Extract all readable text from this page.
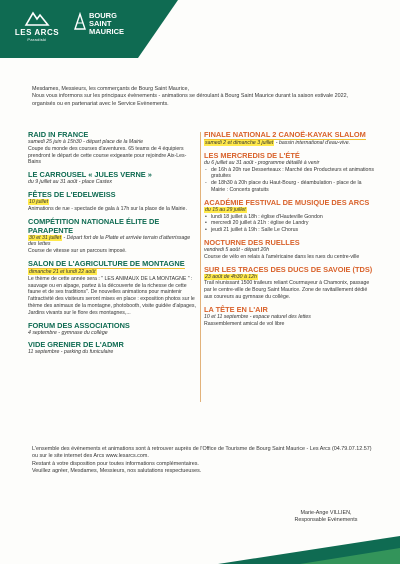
LES ARCS
Paradiski
BOURG
SAINT
MAURICE

Mesdames, Messieurs, les commerçants de Bourg Saint Maurice,

Nous vous informons sur les principaux évènements - animations se déroulant à Bourg Saint Maurice durant la saison estivale 2022, organisés ou en partenariat avec le Service Evènements.

RAID IN FRANCE
samedi 25 juin à 15h30 - départ place de la Mairie
Coupe du monde des courses d'aventures. 65 teams de 4 équipiers prendront le départ de cette course exigeante pour rejoindre Aix-Les-Bains
LE CARROUSEL « JULES VERNE »
du 9 juillet au 31 août - place Castex
FÊTES DE L'EDELWEISS
10 juillet
Animations de rue - spectacle de gala à 17h sur la place de la Mairie.
COMPÉTITION NATIONALE ÉLITE DE PARAPENTE
30 et 31 juillet - Départ fort de la Platte et arrivée terrain d'atterrissage des Iettes
Course de vitesse sur un parcours imposé.
SALON DE L'AGRICULTURE DE MONTAGNE
dimanche 21 et lundi 22 août
Le thème de cette année sera : " LES ANIMAUX DE LA MONTAGNE " : sauvage ou en alpage, partez à la découverte de la richesse de cette faune et de ses traditions". De nouvelles animations pour maintenir l'attractivité des visiteurs seront mises en place : exposition photos sur le thème des animaux de la montagne, photobooth, visite guidée d'alpages, Jardins vivants sur le flore des montagnes,...
FORUM DES ASSOCIATIONS
4 septembre - gymnase du collège
VIDE GRENIER DE L'ADMR
11 septembre - parking du funiculaire
FINALE NATIONAL 2 CANOË-KAYAK SLALOM
samedi 2 et dimanche 3 juillet - bassin international d'eau-vive.
LES MERCREDIS DE L'ÉTÉ
du 6 juillet au 31 août - programme détaillé à venir
- de 16h à 20h rue Desserteaux : Marché des Producteurs et animations gratuites
- de 18h30 à 20h place du Haut-Bourg - déambulation - place de la Mairie : Concerts gratuits
ACADÉMIE FESTIVAL DE MUSIQUE DES ARCS
du 15 au 29 juillet
• lundi 18 juillet à 18h : église d'Hauteville Gondon
• mercredi 20 juillet à 21h : église de Landry
• jeudi 21 juillet à 19h : Salle Le Chorus
NOCTURNE DES RUELLES
vendredi 5 août - départ 20h
Course de vélo en relais à l'américaine dans les rues du centre-ville
SUR LES TRACES DES DUCS DE SAVOIE (TDS)
23 août de 4h30 à 12h
Trail réunissant 1500 traileurs reliant Courmayeur à Chamonix, passage par le centre-ville de Bourg Saint Maurice. Zone de ravitaillement dédié aux coureurs au gymnase du collège.
LA TÊTE EN L'AIR
10 et 11 septembre - espace naturel des Iettes
Rassemblement amical de vol libre

L'ensemble des évènements et animations sont à retrouver auprès de l'Office de Tourisme de Bourg Saint Maurice - Les Arcs (04.79.07.12.57) ou sur le site internet des Arcs www.lesarcs.com.

Restant à votre disposition pour toutes informations complémentaires.

Veuillez agréer, Mesdames, Messieurs, nos salutations respectueuses.

Marie-Ange VILLIEN,
Responsable Evènements
